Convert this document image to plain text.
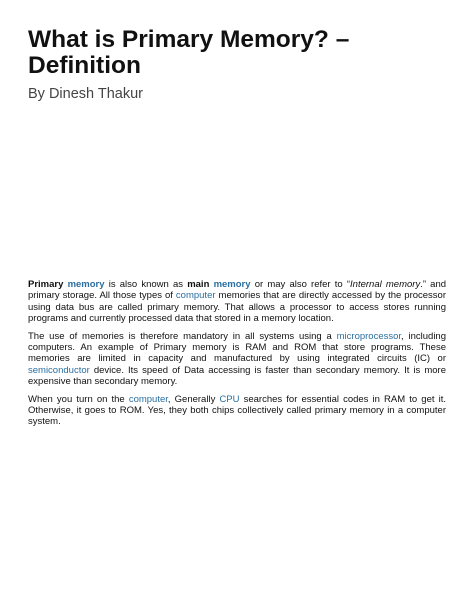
What is Primary Memory? – Definition
By Dinesh Thakur

Primary memory is also known as main memory or may also refer to “Internal memory.” and primary storage. All those types of computer memories that are directly accessed by the processor using data bus are called primary memory. That allows a processor to access stores running programs and currently processed data that stored in a memory location.

The use of memories is therefore mandatory in all systems using a microprocessor, including computers. An example of Primary memory is RAM and ROM that store programs. These memories are limited in capacity and manufactured by using integrated circuits (IC) or semiconductor device. Its speed of Data accessing is faster than secondary memory. It is more expensive than secondary memory.

When you turn on the computer, Generally CPU searches for essential codes in RAM to get it. Otherwise, it goes to ROM. Yes, they both chips collectively called primary memory in a computer system.
